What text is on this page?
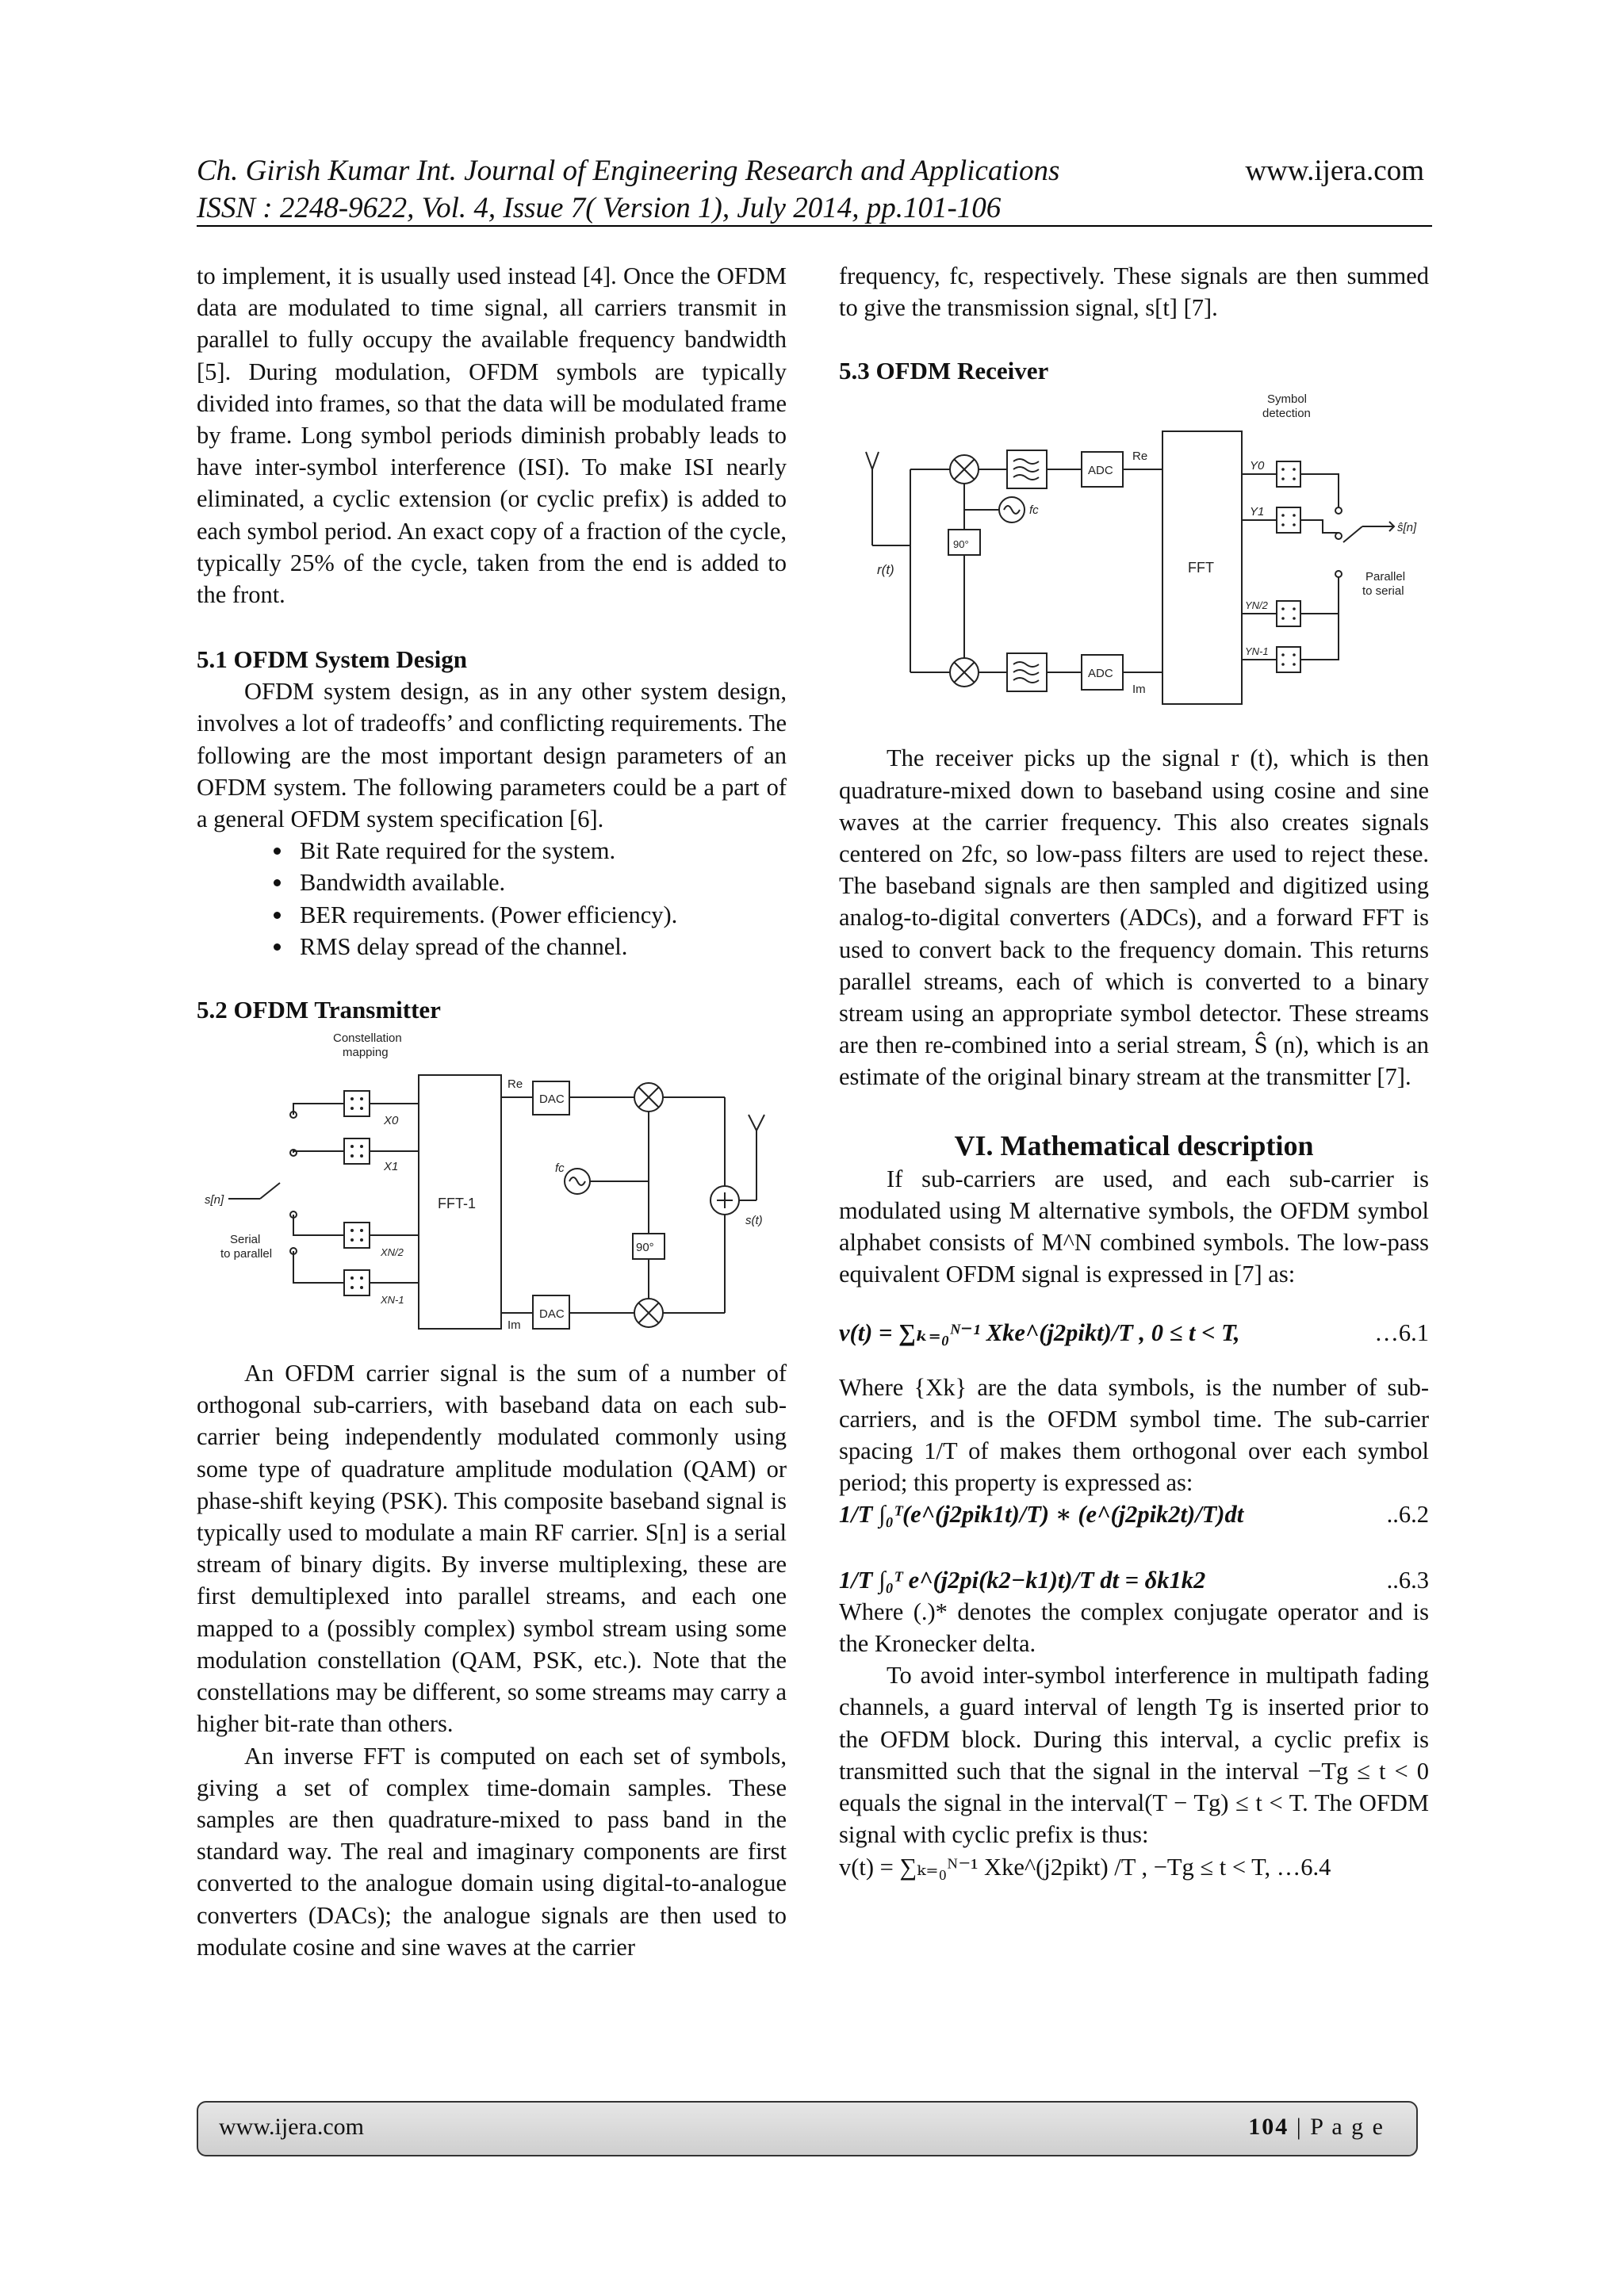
Ch. Girish Kumar Int. Journal of Engineering Research and Applications	www.ijera.com
ISSN : 2248-9622, Vol. 4, Issue 7( Version 1), July 2014, pp.101-106

to implement, it is usually used instead [4]. Once the OFDM data are modulated to time signal, all carriers transmit in parallel to fully occupy the available frequency bandwidth [5]. During modulation, OFDM symbols are typically divided into frames, so that the data will be modulated frame by frame. Long symbol periods diminish probably leads to have inter-symbol interference (ISI). To make ISI nearly eliminated, a cyclic extension (or cyclic prefix) is added to each symbol period. An exact copy of a fraction of the cycle, typically 25% of the cycle, taken from the end is added to the front.

5.1 OFDM System Design

OFDM system design, as in any other system design, involves a lot of tradeoffs’ and conflicting requirements. The following are the most important design parameters of an OFDM system. The following parameters could be a part of a general OFDM system specification [6].

• Bit Rate required for the system.
• Bandwidth available.
• BER requirements. (Power efficiency).
• RMS delay spread of the channel.
5.2 OFDM Transmitter
Constellation
mapping
s[n]
Serial
to parallel
X0
X1
XN/2
XN-1
FFT-1
Re
Im
DAC
DAC
fc
90°
s(t)

An OFDM carrier signal is the sum of a number of orthogonal sub-carriers, with baseband data on each sub-carrier being independently modulated commonly using some type of quadrature amplitude modulation (QAM) or phase-shift keying (PSK). This composite baseband signal is typically used to modulate a main RF carrier. S[n] is a serial stream of binary digits. By inverse multiplexing, these are first demultiplexed into parallel streams, and each one mapped to a (possibly complex) symbol stream using some modulation constellation (QAM, PSK, etc.). Note that the constellations may be different, so some streams may carry a higher bit-rate than others.

An inverse FFT is computed on each set of symbols, giving a set of complex time-domain samples. These samples are then quadrature-mixed to pass band in the standard way. The real and imaginary components are first converted to the analogue domain using digital-to-analogue converters (DACs); the analogue signals are then used to modulate cosine and sine waves at the carrier

frequency, fc, respectively. These signals are then summed to give the transmission signal, s[t] [7].

5.3 OFDM Receiver
Symbol
detection
r(t)
90°
fc
ADC
ADC
Re
Im
FFT
Y0
Y1
YN/2
YN-1
ŝ[n]
Parallel
to serial

The receiver picks up the signal r (t), which is then quadrature-mixed down to baseband using cosine and sine waves at the carrier frequency. This also creates signals centered on 2fc, so low-pass filters are used to reject these. The baseband signals are then sampled and digitized using analog-to-digital converters (ADCs), and a forward FFT is used to convert back to the frequency domain. This returns parallel streams, each of which is converted to a binary stream using an appropriate symbol detector. These streams are then re-combined into a serial stream, Ŝ (n), which is an estimate of the original binary stream at the transmitter [7].

VI. Mathematical description

If sub-carriers are used, and each sub-carrier is modulated using M alternative symbols, the OFDM symbol alphabet consists of M^N combined symbols. The low-pass equivalent OFDM signal is expressed in [7] as:

v(t) = ∑ₖ₌₀ᴺ⁻¹ Xke^(j2pikt)/T , 0 ≤ t < T,	…6.1

Where {Xk} are the data symbols, is the number of sub-carriers, and is the OFDM symbol time. The sub-carrier spacing 1/T of makes them orthogonal over each symbol period; this property is expressed as:

1/T ∫₀ᵀ(e^(j2pik1t)/T) ∗ (e^(j2pik2t)/T)dt	..6.2
1/T ∫₀ᵀ e^(j2pi(k2−k1)t)/T dt = δk1k2	..6.3

Where (.)* denotes the complex conjugate operator and is the Kronecker delta.

To avoid inter-symbol interference in multipath fading channels, a guard interval of length Tg is inserted prior to the OFDM block. During this interval, a cyclic prefix is transmitted such that the signal in the interval −Tg ≤ t < 0 equals the signal in the interval(T − Tg) ≤ t < T. The OFDM signal with cyclic prefix is thus:

v(t) = ∑ₖ₌₀ᴺ⁻¹ Xke^(j2pikt) /T , −Tg ≤ t < T, …6.4
www.ijera.com	104 | P a g e
